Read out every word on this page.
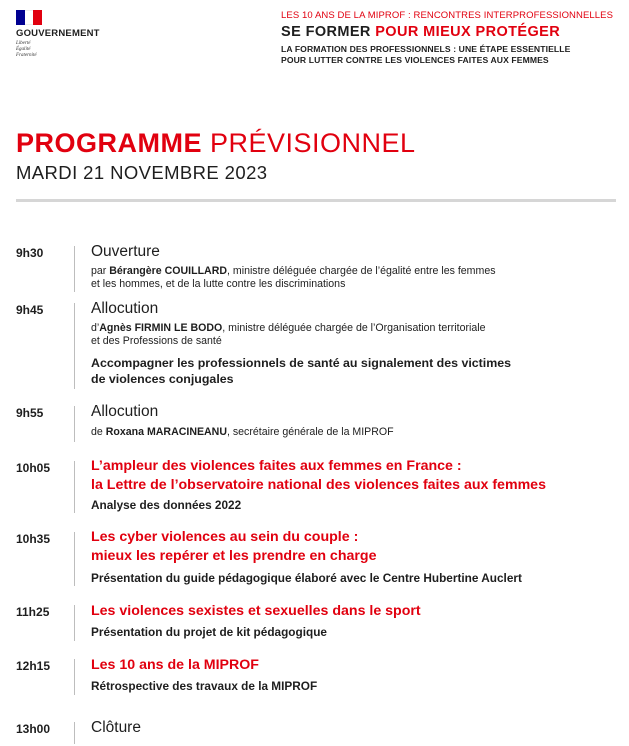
GOUVERNEMENT
Liberté
Égalité
Fraternité
LES 10 ANS DE LA MIPROF : RENCONTRES INTERPROFESSIONNELLES
SE FORMER POUR MIEUX PROTÉGER
LA FORMATION DES PROFESSIONNELS : UNE ÉTAPE ESSENTIELLE
POUR LUTTER CONTRE LES VIOLENCES FAITES AUX FEMMES
PROGRAMME PRÉVISIONNEL
MARDI 21 NOVEMBRE 2023
9h30	Ouverture
par Bérangère COUILLARD, ministre déléguée chargée de l’égalité entre les femmes
et les hommes, et de la lutte contre les discriminations
9h45	Allocution
d’Agnès FIRMIN LE BODO, ministre déléguée chargée de l’Organisation territoriale
et des Professions de santé
Accompagner les professionnels de santé au signalement des victimes
de violences conjugales
9h55	Allocution
de Roxana MARACINEANU, secrétaire générale de la MIPROF
10h05	L’ampleur des violences faites aux femmes en France :
la Lettre de l’observatoire national des violences faites aux femmes
Analyse des données 2022
10h35	Les cyber violences au sein du couple :
mieux les repérer et les prendre en charge
Présentation du guide pédagogique élaboré avec le Centre Hubertine Auclert
11h25	Les violences sexistes et sexuelles dans le sport
Présentation du projet de kit pédagogique
12h15	Les 10 ans de la MIPROF
Rétrospective des travaux de la MIPROF
13h00	Clôture
